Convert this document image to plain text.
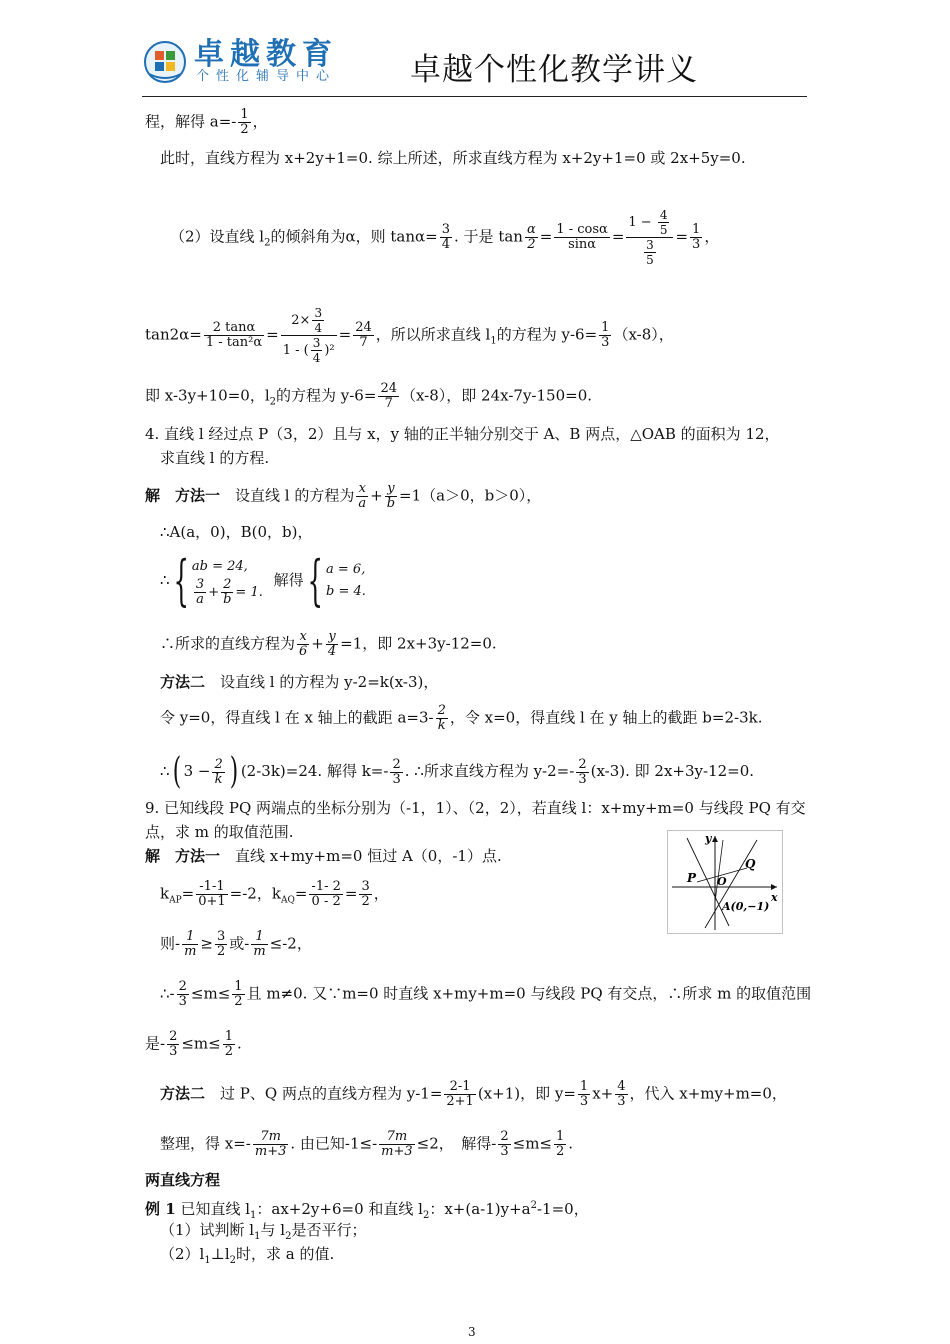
卓越教育
个性化辅导中心 卓越个性化教学讲义
程，解得 $a=- \frac{1}{2}$ ，
此时，直线方程为 x+2y+1=0. 综上所述，所求直线方程为 x+2y+1=0 或 2x+5y=0.
（2）设直线 $l_2$的倾斜角为α，则 $\tan\alpha= \frac{3}{4}$ . 于是 $\tan \frac{\alpha}{2} = \frac{1 - \cos\alpha}{\sin\alpha} = \frac{1 - \frac{4}{5}}{\frac{3}{5}} = \frac{1}{3}$ ，
$\tan 2\alpha= \frac{2 \tan\alpha}{\text{1 - tan²α}} = \frac{2\times \frac{3}{4}}{1 - ( \frac{3}{4} )^2} = \frac{24}{7}$ ，所以所求直线 $l_1$的方程为 $y-6= \frac{1}{3} (x-8)$，
即 x-3y+10=0，$l_2$的方程为 $y-6= \frac{24}{7} (x-8)$，即 24x-7y-150=0.
4. 直线 l 经过点 P（3，2）且与 x，y 轴的正半轴分别交于 A、B 两点，△OAB 的面积为 12，
求直线 l 的方程.
解　方法一　 设直线 l 的方程为 $\frac{x}{a} + \frac{y}{b} =1(a>0$，b＞0），
∴A(a，0)，B(0，b)，
∴{ ab = 24,
$\frac{3}{a} + \frac{2}{b} = 1$.
解得{ a = 6,
b = 4.
∴所求的直线方程为 $\frac{x}{6} + \frac{y}{4} =1$，即 2x+3y-12=0.
方法二　 设直线 l 的方程为 y-2=k(x-3)，
令 y=0，得直线 l 在 x 轴上的截距 $a=3- \frac{2}{k}$ ，令 x=0，得直线 l 在 y 轴上的截距 b=2-3k.
∴( $3 - \frac{2}{k}$ ) (2-3k)=24. 解得 $k=- \frac{2}{3}$ . ∴所求直线方程为 $y-2=- \frac{2}{3} (x-3)$. 即 2x+3y-12=0.
9. 已知线段 PQ 两端点的坐标分别为（-1，1）、（2，2），若直线 l：x+my+m=0 与线段 PQ 有交
点，求 m 的取值范围.
解　方法一　 直线 x+my+m=0 恒过 A（0，-1）点.
$k_{AP}= \frac{-1-1}{0+1} =-2$，$k_{AQ}= \frac{-1- 2}{0 - 2} = \frac{3}{2}$ ，
则- $\frac{1}{m} \ge \frac{3}{2}$ 或- $\frac{1}{m} \le-2$，
∴- $\frac{2}{3} \le m\le \frac{1}{2}$ 且 m≠0. 又∵m=0 时直线 x+my+m=0 与线段 PQ 有交点，∴所求 m 的取值范围
是- $\frac{2}{3} \le m\le \frac{1}{2}$ .
方法二　 过 P、Q 两点的直线方程为 $y-1= \frac{2-1}{2+1} (x+1)$，即 $y= \frac{1}{3} x+ \frac{4}{3}$ ，代入 x+my+m=0，
整理，得 $x=- \frac{7m}{m+3}$ . 由已知$-1\le- \frac{7m}{m+3} \le 2$，　解得- $\frac{2}{3} \le m\le \frac{1}{2}$ .
两直线方程
例 1 已知直线 $l_1$：ax+2y+6=0 和直线 $l_2$：$x+(a-1)y+a^2-1=0$，
（1）试判断 $l_1$与 $l_2$是否平行；
$(2)l_1\perp l_2$时，求 a 的值.
y
x
P
Q
O
A(0,−1)
3
